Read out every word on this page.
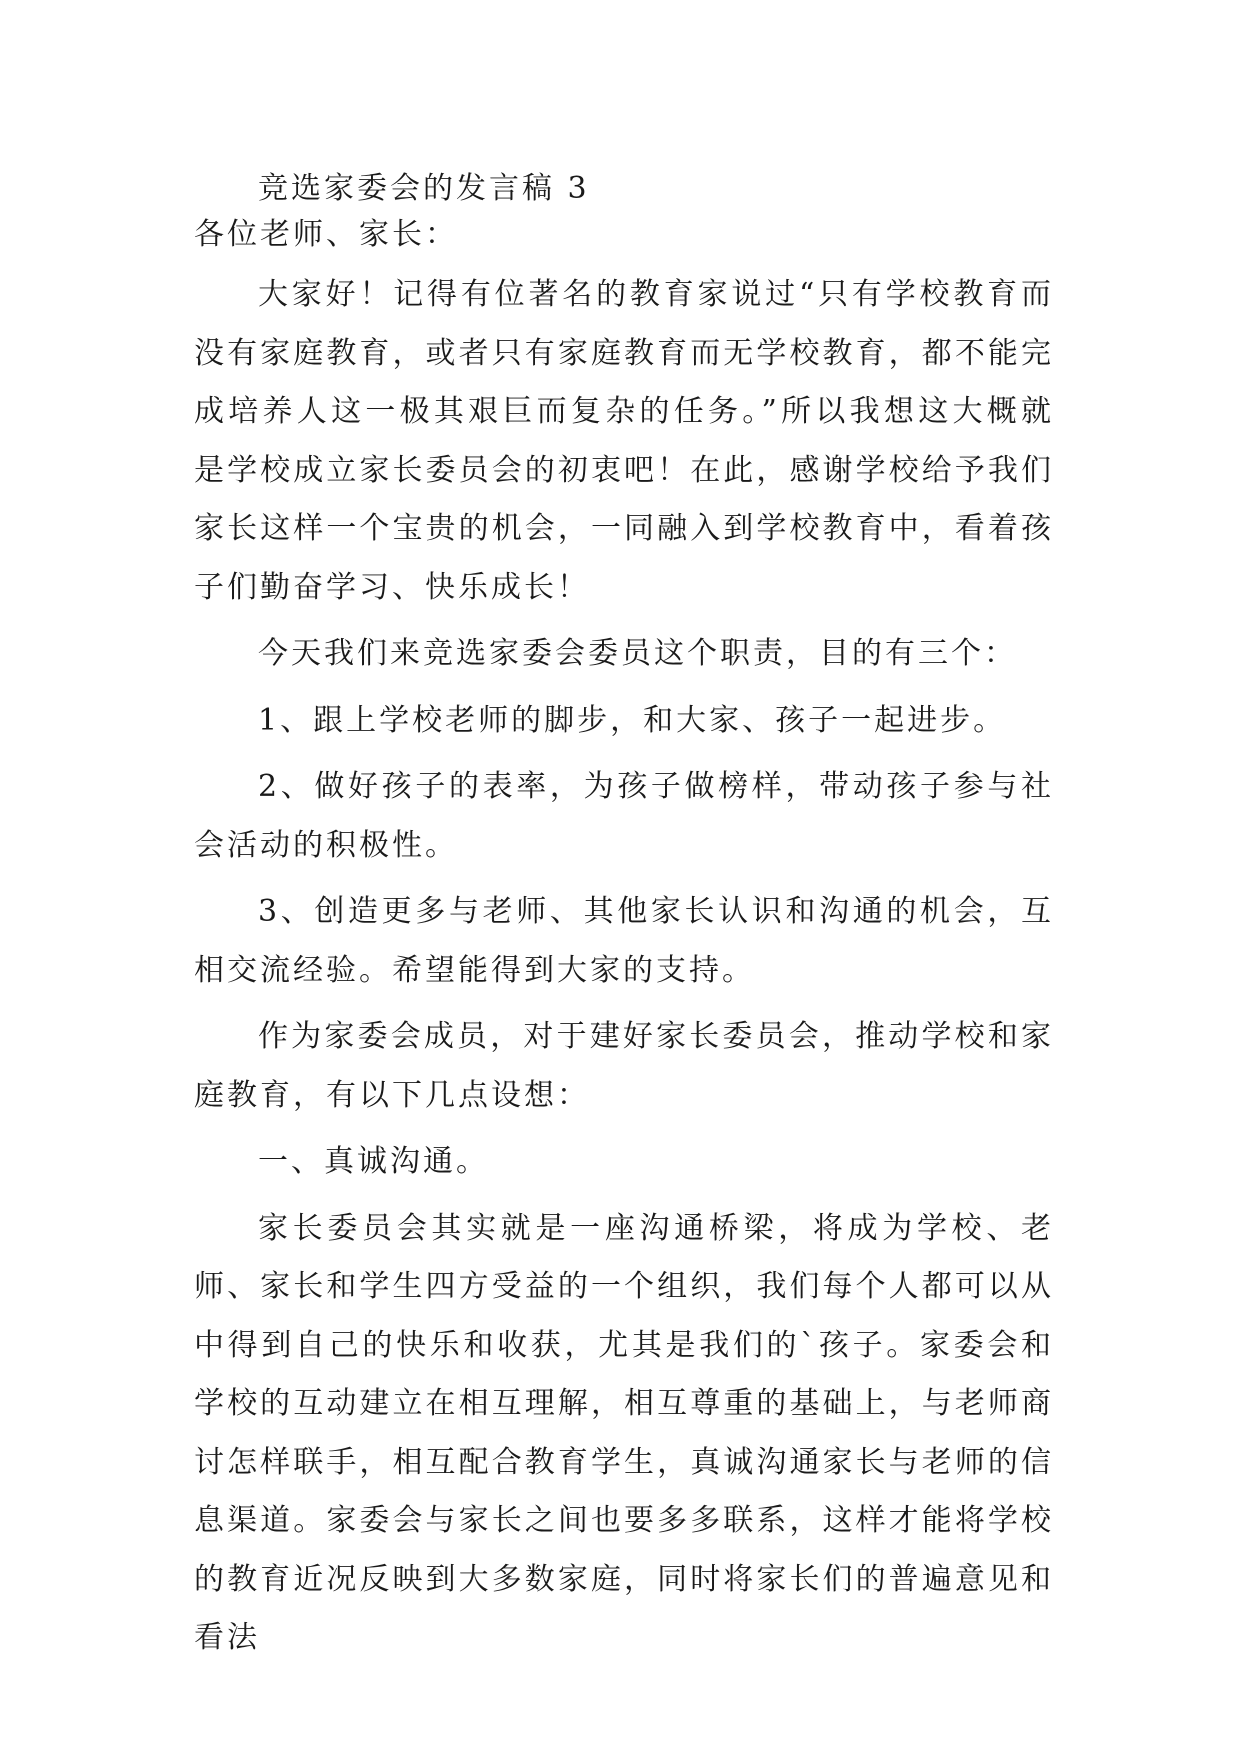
竞选家委会的发言稿 3

各位老师、家长：

大家好！记得有位著名的教育家说过“只有学校教育而没有家庭教育，或者只有家庭教育而无学校教育，都不能完成培养人这一极其艰巨而复杂的任务。”所以我想这大概就是学校成立家长委员会的初衷吧！在此，感谢学校给予我们家长这样一个宝贵的机会，一同融入到学校教育中，看着孩子们勤奋学习、快乐成长！

今天我们来竞选家委会委员这个职责，目的有三个：

1、跟上学校老师的脚步，和大家、孩子一起进步。

2、做好孩子的表率，为孩子做榜样，带动孩子参与社会活动的积极性。

3、创造更多与老师、其他家长认识和沟通的机会，互相交流经验。希望能得到大家的支持。

作为家委会成员，对于建好家长委员会，推动学校和家庭教育，有以下几点设想：

一、真诚沟通。

家长委员会其实就是一座沟通桥梁，将成为学校、老师、家长和学生四方受益的一个组织，我们每个人都可以从中得到自己的快乐和收获，尤其是我们的`孩子。家委会和学校的互动建立在相互理解，相互尊重的基础上，与老师商讨怎样联手，相互配合教育学生，真诚沟通家长与老师的信息渠道。家委会与家长之间也要多多联系，这样才能将学校的教育近况反映到大多数家庭，同时将家长们的普遍意见和看法
